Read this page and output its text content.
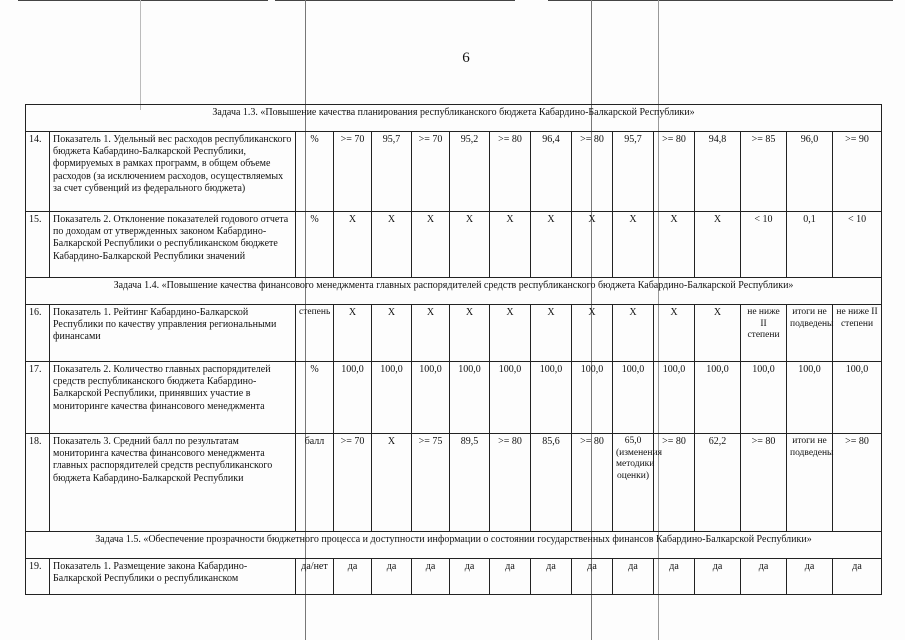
6
Задача 1.3. «Повышение качества планирования республиканского бюджета Кабардино-Балкарской Республики»															
14.	Показатель 1. Удельный вес расходов республиканского бюджета Кабардино-Балкарской Республики, формируемых в рамках программ, в общем объеме расходов (за исключением расходов, осуществляемых за счет субвенций из федерального бюджета)	%	>= 70	95,7	>= 70	95,2	>= 80	96,4	>= 80	95,7	>= 80	94,8	>= 85	96,0	>= 90
15.	Показатель 2. Отклонение показателей годового отчета по доходам от утвержденных законом Кабардино-Балкарской Республики о республиканском бюджете Кабардино-Балкарской Республики значений	%	Х	Х	Х	Х	Х	Х	Х	Х	Х	Х	< 10	0,1	< 10
Задача 1.4. «Повышение качества финансового менеджмента главных распорядителей средств республиканского бюджета Кабардино-Балкарской Республики»															
16.	Показатель 1. Рейтинг Кабардино-Балкарской Республики по качеству управления региональными финансами	степень	Х	Х	Х	Х	Х	Х	Х	Х	Х	Х	не ниже II степени	итоги не подведены	не ниже II степени
17.	Показатель 2. Количество главных распорядителей средств республиканского бюджета Кабардино-Балкарской Республики, принявших участие в мониторинге качества финансового менеджмента	%	100,0	100,0	100,0	100,0	100,0	100,0	100,0	100,0	100,0	100,0	100,0	100,0	100,0
18.	Показатель 3. Средний балл по результатам мониторинга качества финансового менеджмента главных распорядителей средств республиканского бюджета Кабардино-Балкарской Республики	балл	>= 70	Х	>= 75	89,5	>= 80	85,6	>= 80	65,0 (изменения методики оценки)	>= 80	62,2	>= 80	итоги не подведены	>= 80
Задача 1.5. «Обеспечение прозрачности бюджетного процесса и доступности информации о состоянии государственных финансов Кабардино-Балкарской Республики»															
19.	Показатель 1. Размещение закона Кабардино-Балкарской Республики о республиканском	да/нет	да	да	да	да	да	да	да	да	да	да	да	да	да
